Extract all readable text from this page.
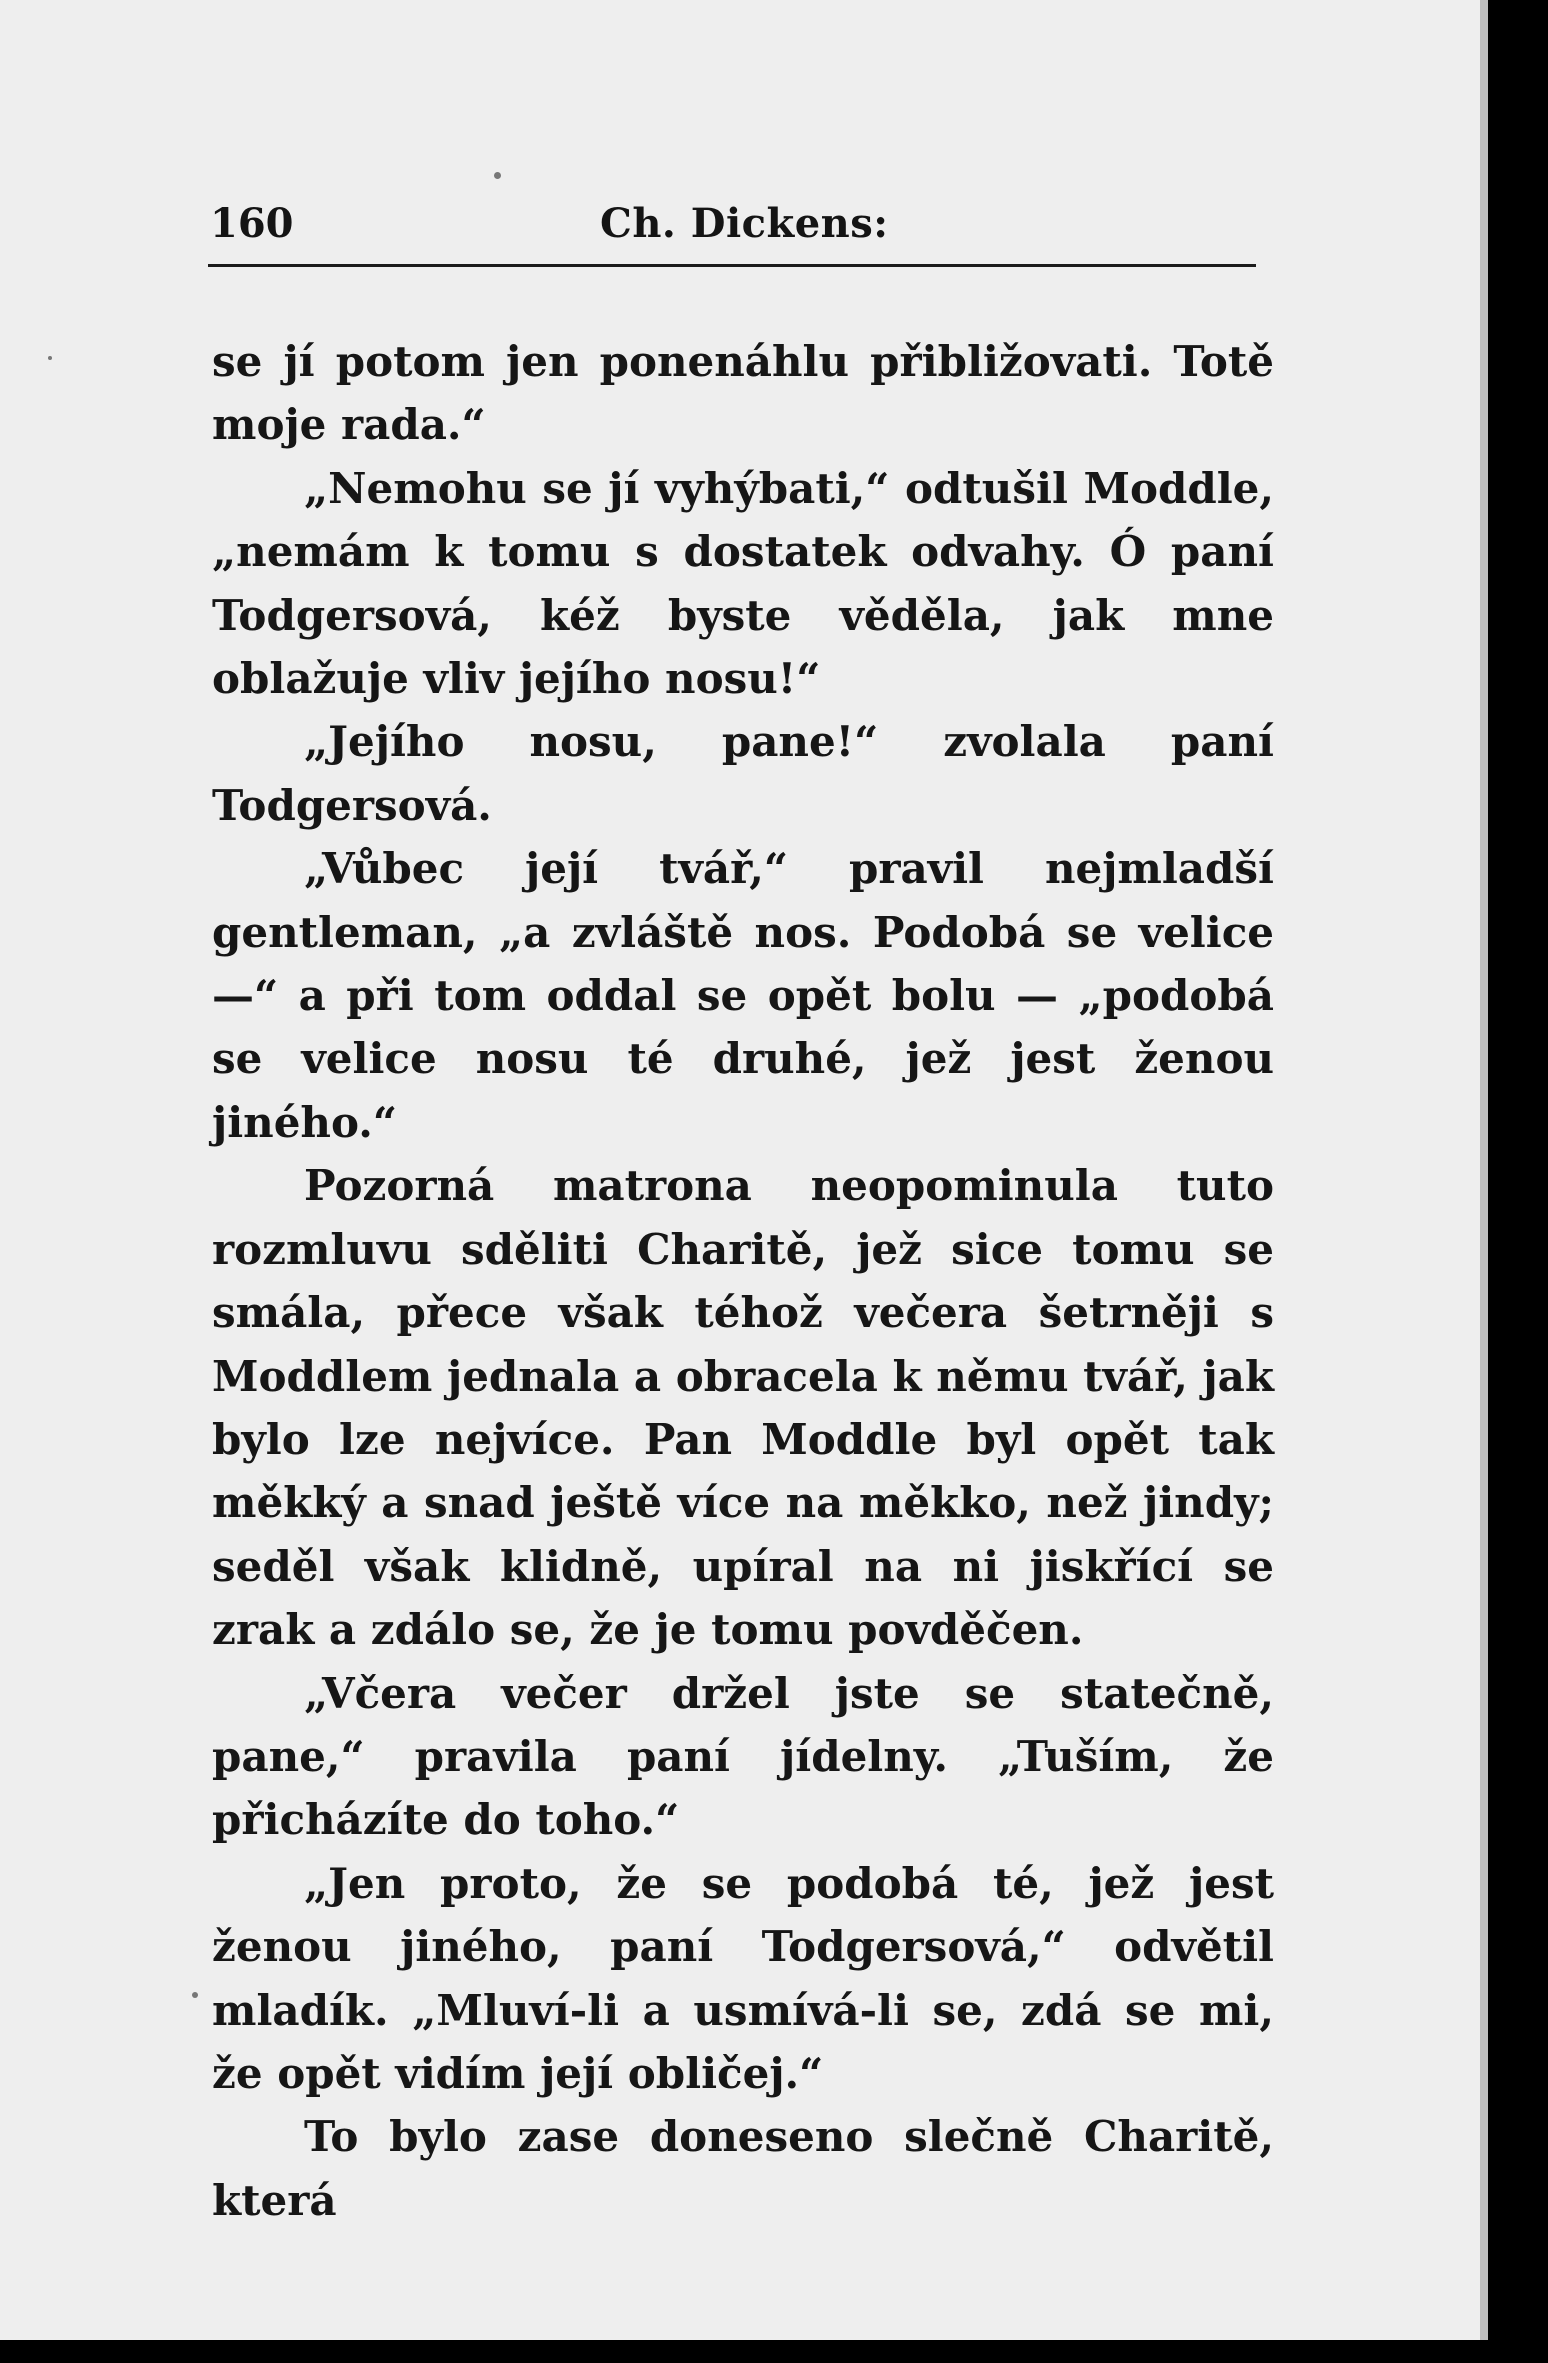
160	Ch. Dickens:

se jí potom jen ponenáhlu přibližovati. Totě moje rada.“

„Nemohu se jí vyhýbati,“ odtušil Moddle, „nemám k tomu s dostatek odvahy. Ó paní Todgersová, kéž byste věděla, jak mne oblažuje vliv jejího nosu!“

„Jejího nosu, pane!“ zvolala paní Todgersová.

„Vůbec její tvář,“ pravil nejmladší gentleman, „a zvláště nos. Podobá se velice —“ a při tom oddal se opět bolu — „podobá se velice nosu té druhé, jež jest ženou jiného.“

Pozorná matrona neopominula tuto rozmluvu sděliti Charitě, jež sice tomu se smála, přece však téhož večera šetrněji s Moddlem jednala a obracela k němu tvář, jak bylo lze nejvíce. Pan Moddle byl opět tak měkký a snad ještě více na měkko, než jindy; seděl však klidně, upíral na ni jiskřící se zrak a zdálo se, že je tomu povděčen.

„Včera večer držel jste se statečně, pane,“ pravila paní jídelny. „Tuším, že přicházíte do toho.“

„Jen proto, že se podobá té, jež jest ženou jiného, paní Todgersová,“ odvětil mladík. „Mluví-li a usmívá-li se, zdá se mi, že opět vidím její obličej.“

To bylo zase doneseno slečně Charitě, která
